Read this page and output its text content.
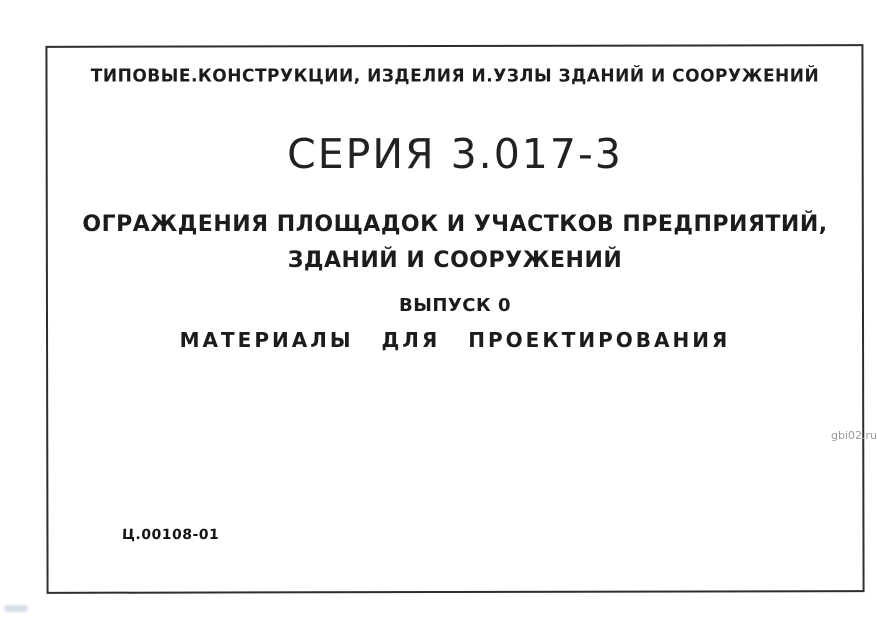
ТИПОВЫЕ.КОНСТРУКЦИИ, ИЗДЕЛИЯ И.УЗЛЫ ЗДАНИЙ И СООРУЖЕНИЙ
СЕРИЯ 3.017-3
ОГРАЖДЕНИЯ ПЛОЩАДОК И УЧАСТКОВ ПРЕДПРИЯТИЙ,
ЗДАНИЙ И СООРУЖЕНИЙ
ВЫПУСК 0
МАТЕРИАЛЫ ДЛЯ ПРОЕКТИРОВАНИЯ
Ц.00108-01
gbi02.ru
